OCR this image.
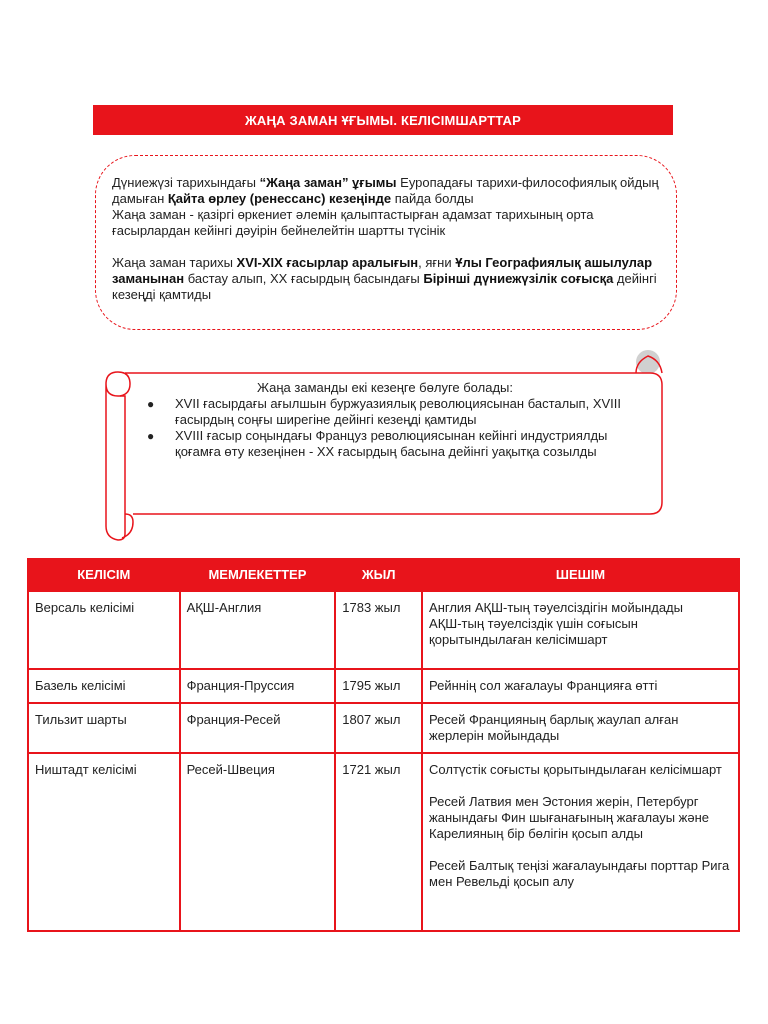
ЖАҢА ЗАМАН ҰҒЫМЫ. КЕЛІСІМШАРТТАР

Дүниежүзі тарихындағы “Жаңа заман” ұғымы Еуропадағы тарихи-философиялық ойдың дамыған Қайта өрлеу (ренессанс) кезеңінде пайда болды

Жаңа заман - қазіргі өркениет әлемін қалыптастырған адамзат тарихының орта ғасырлардан кейінгі дәуірін бейнелейтін шартты түсінік

Жаңа заман тарихы XVI-XIX ғасырлар аралығын, яғни Ұлы Географиялық ашылулар заманынан бастау алып, XX ғасырдың басындағы Бірінші дүниежүзілік соғысқа дейінгі кезеңді қамтиды

Жаңа заманды екі кезеңге бөлуге болады:
● XVII ғасырдағы ағылшын буржуазиялық революциясынан басталып, XVIII ғасырдың соңғы ширегіне дейінгі кезеңді қамтиды
● XVIII ғасыр соңындағы Француз революциясынан кейінгі индустриялды қоғамға өту кезеңінен - XX ғасырдың басына дейінгі уақытқа созылды
КЕЛІСІМ	МЕМЛЕКЕТТЕР	ЖЫЛ	ШЕШІМ
Версаль келісімі	АҚШ-Англия	1783 жыл	Англия АҚШ-тың тәуелсіздігін мойындады

АҚШ-тың тәуелсіздік үшін соғысын қорытындылаған келісімшарт

Базель келісімі	Франция-Пруссия	1795 жыл	Рейннің сол жағалауы Францияға өтті

Тильзит шарты	Франция-Ресей	1807 жыл	Ресей Францияның барлық жаулап алған жерлерін мойындады

Ништадт келісімі	Ресей-Швеция	1721 жыл	Солтүстік соғысты қорытындылаған келісімшарт

Ресей Латвия мен Эстония жерін, Петербург жанындағы Фин шығанағының жағалауы және Карелияның бір бөлігін қосып алды

Ресей Балтық теңізі жағалауындағы порттар Рига мен Ревельді қосып алу
